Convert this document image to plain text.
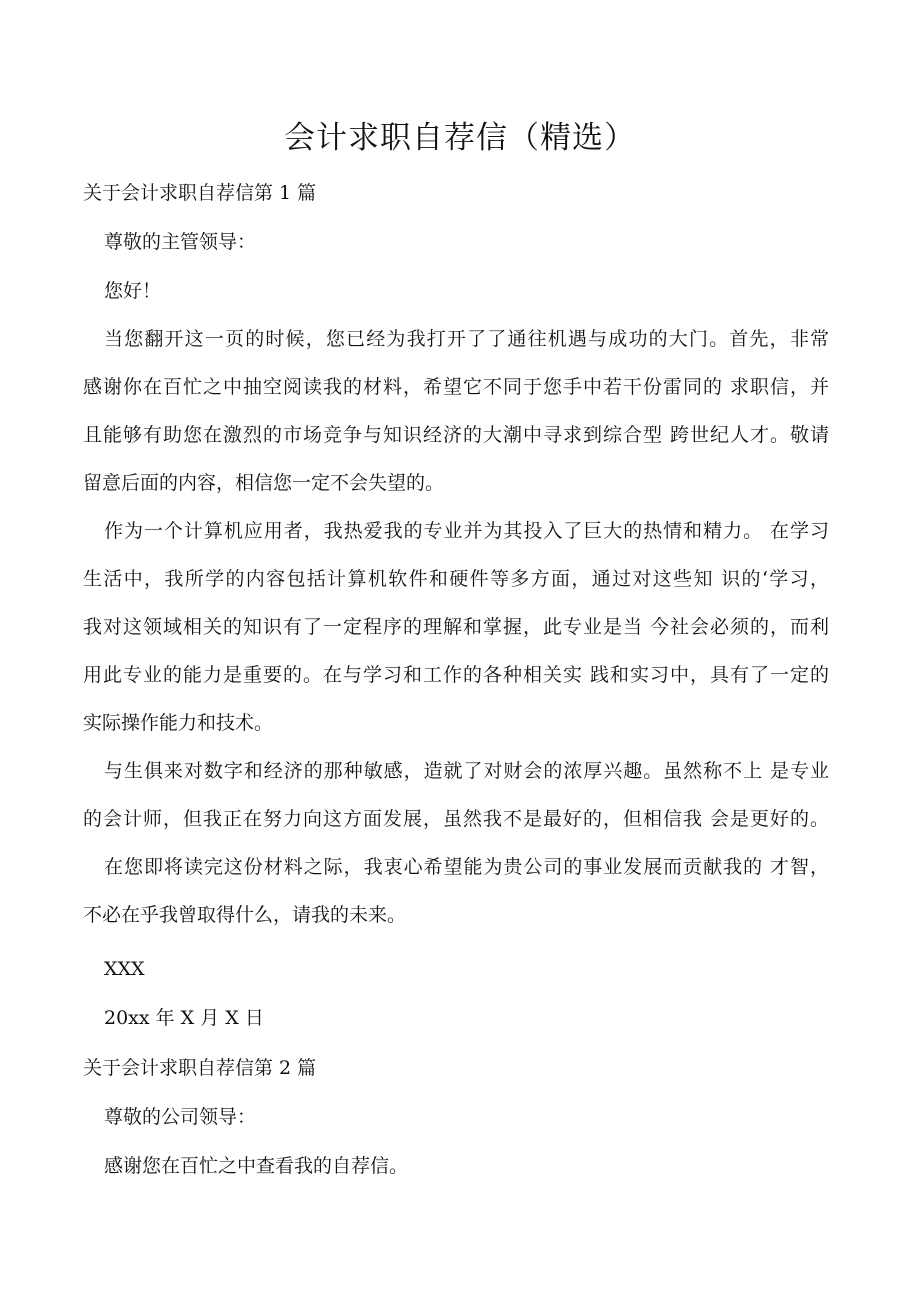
会计求职自荐信（精选）

关于会计求职自荐信第 1 篇

尊敬的主管领导：

您好！

当您翻开这一页的时候，您已经为我打开了了通往机遇与成功的大门。首先，非常

感谢你在百忙之中抽空阅读我的材料，希望它不同于您手中若干份雷同的 求职信，并

且能够有助您在激烈的市场竞争与知识经济的大潮中寻求到综合型 跨世纪人才。敬请

留意后面的内容，相信您一定不会失望的。

作为一个计算机应用者，我热爱我的专业并为其投入了巨大的热情和精力。 在学习

生活中，我所学的内容包括计算机软件和硬件等多方面，通过对这些知 识的‘学习，

我对这领域相关的知识有了一定程序的理解和掌握，此专业是当 今社会必须的，而利

用此专业的能力是重要的。在与学习和工作的各种相关实 践和实习中，具有了一定的

实际操作能力和技术。

与生俱来对数字和经济的那种敏感，造就了对财会的浓厚兴趣。虽然称不上 是专业

的会计师，但我正在努力向这方面发展，虽然我不是最好的，但相信我 会是更好的。

在您即将读完这份材料之际，我衷心希望能为贵公司的事业发展而贡献我的 才智，

不必在乎我曾取得什么，请我的未来。

XXX

20xx 年 X 月 X 日

关于会计求职自荐信第 2 篇

尊敬的公司领导：

感谢您在百忙之中查看我的自荐信。
